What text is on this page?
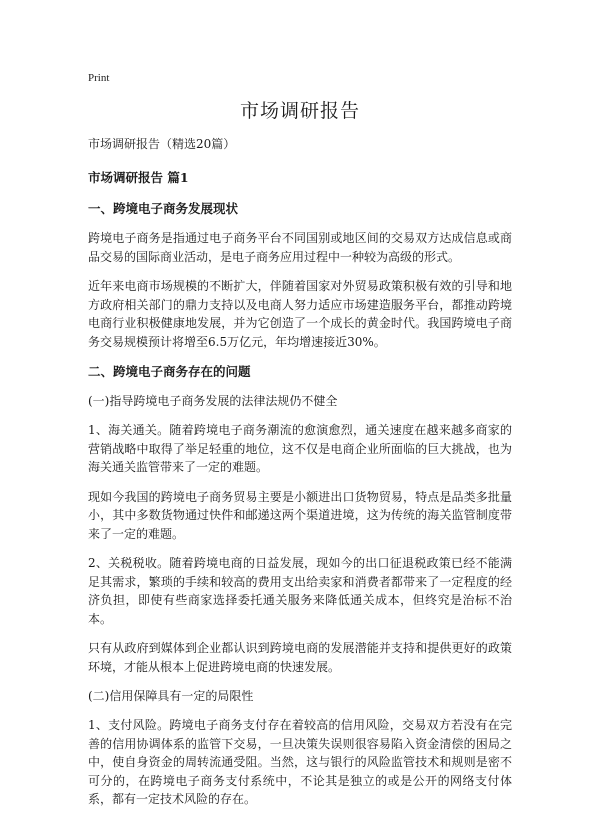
Print
市场调研报告

市场调研报告（精选20篇）

市场调研报告 篇1

一、跨境电子商务发展现状

跨境电子商务是指通过电子商务平台不同国别或地区间的交易双方达成信息或商品交易的国际商业活动，是电子商务应用过程中一种较为高级的形式。

近年来电商市场规模的不断扩大，伴随着国家对外贸易政策积极有效的引导和地方政府相关部门的鼎力支持以及电商人努力适应市场建造服务平台，都推动跨境电商行业积极健康地发展，并为它创造了一个成长的黄金时代。我国跨境电子商务交易规模预计将增至6.5万亿元，年均增速接近30%。

二、跨境电子商务存在的问题

(一)指导跨境电子商务发展的法律法规仍不健全

1、海关通关。随着跨境电子商务潮流的愈演愈烈，通关速度在越来越多商家的营销战略中取得了举足轻重的地位，这不仅是电商企业所面临的巨大挑战，也为海关通关监管带来了一定的难题。

现如今我国的跨境电子商务贸易主要是小额进出口货物贸易，特点是品类多批量小，其中多数货物通过快件和邮递这两个渠道进境，这为传统的海关监管制度带来了一定的难题。

2、关税税收。随着跨境电商的日益发展，现如今的出口征退税政策已经不能满足其需求，繁琐的手续和较高的费用支出给卖家和消费者都带来了一定程度的经济负担，即使有些商家选择委托通关服务来降低通关成本，但终究是治标不治本。

只有从政府到媒体到企业都认识到跨境电商的发展潜能并支持和提供更好的政策环境，才能从根本上促进跨境电商的快速发展。

(二)信用保障具有一定的局限性

1、支付风险。跨境电子商务支付存在着较高的信用风险，交易双方若没有在完善的信用协调体系的监管下交易，一旦决策失误则很容易陷入资金清偿的困局之中，使自身资金的周转流通受阻。当然，这与银行的风险监管技术和规则是密不可分的，在跨境电子商务支付系统中，不论其是独立的或是公开的网络支付体系，都有一定技术风险的存在。
